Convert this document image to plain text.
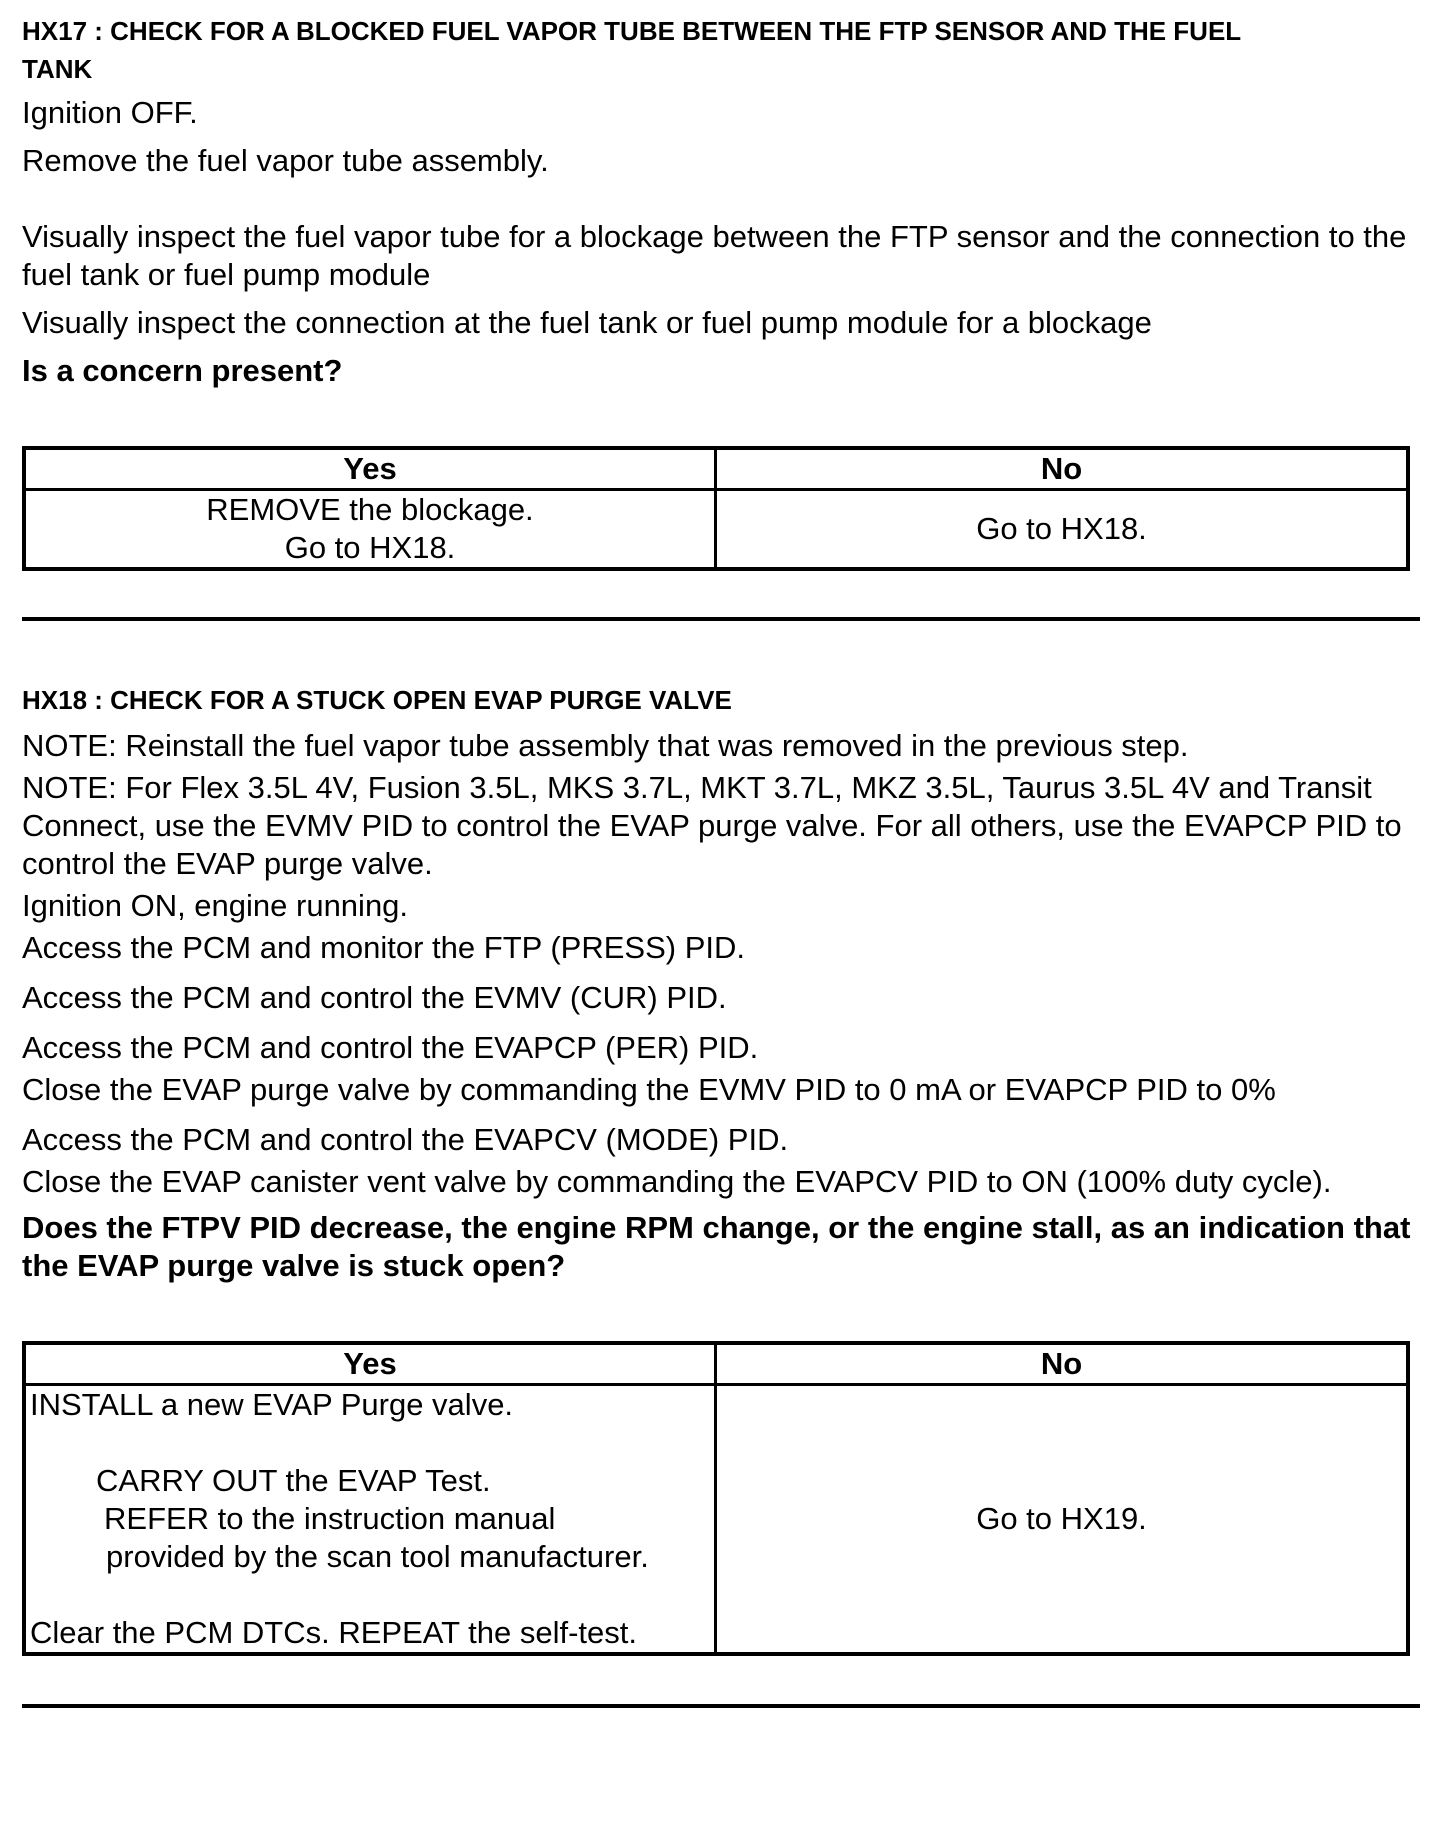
HX17 : CHECK FOR A BLOCKED FUEL VAPOR TUBE BETWEEN THE FTP SENSOR AND THE FUEL

TANK

Ignition OFF.

Remove the fuel vapor tube assembly.

Visually inspect the fuel vapor tube for a blockage between the FTP sensor and the connection to the fuel tank or fuel pump module

Visually inspect the connection at the fuel tank or fuel pump module for a blockage

Is a concern present?

Yes	No

REMOVE the blockage.
Go to HX18.	Go to HX18.

HX18 : CHECK FOR A STUCK OPEN EVAP PURGE VALVE

NOTE: Reinstall the fuel vapor tube assembly that was removed in the previous step.

NOTE: For Flex 3.5L 4V, Fusion 3.5L, MKS 3.7L, MKT 3.7L, MKZ 3.5L, Taurus 3.5L 4V and Transit Connect, use the EVMV PID to control the EVAP purge valve. For all others, use the EVAPCP PID to control the EVAP purge valve.

Ignition ON, engine running.

Access the PCM and monitor the FTP (PRESS) PID.

Access the PCM and control the EVMV (CUR) PID.

Access the PCM and control the EVAPCP (PER) PID.

Close the EVAP purge valve by commanding the EVMV PID to 0 mA or EVAPCP PID to 0%

Access the PCM and control the EVAPCV (MODE) PID.

Close the EVAP canister vent valve by commanding the EVAPCV PID to ON (100% duty cycle).

Does the FTPV PID decrease, the engine RPM change, or the engine stall, as an indication that the EVAP purge valve is stuck open?

Yes	No

INSTALL a new EVAP Purge valve.
CARRY OUT the EVAP Test.
REFER to the instruction manual
provided by the scan tool manufacturer.
Clear the PCM DTCs. REPEAT the self-test.	Go to HX19.
